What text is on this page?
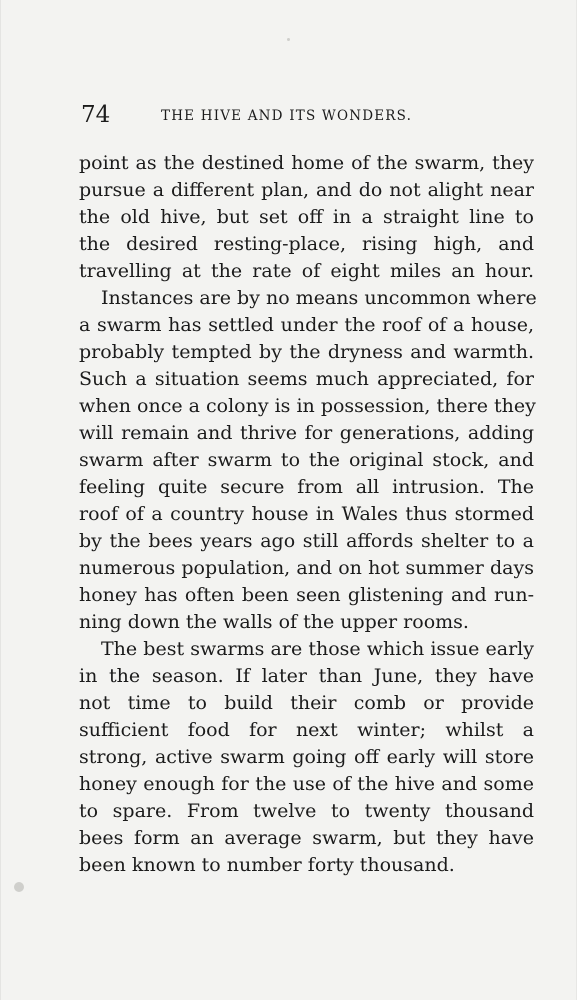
74	THE HIVE AND ITS WONDERS.
point as the destined home of the swarm, they
pursue a different plan, and do not alight near
the old hive, but set off in a straight line to
the desired resting-place, rising high, and
travelling at the rate of eight miles an hour.
Instances are by no means uncommon where
a swarm has settled under the roof of a house,
probably tempted by the dryness and warmth.
Such a situation seems much appreciated, for
when once a colony is in possession, there they
will remain and thrive for generations, adding
swarm after swarm to the original stock, and
feeling quite secure from all intrusion. The
roof of a country house in Wales thus stormed
by the bees years ago still affords shelter to a
numerous population, and on hot summer days
honey has often been seen glistening and run-
ning down the walls of the upper rooms.
The best swarms are those which issue early
in the season. If later than June, they have
not time to build their comb or provide
sufficient food for next winter; whilst a
strong, active swarm going off early will store
honey enough for the use of the hive and some
to spare. From twelve to twenty thousand
bees form an average swarm, but they have
been known to number forty thousand.
